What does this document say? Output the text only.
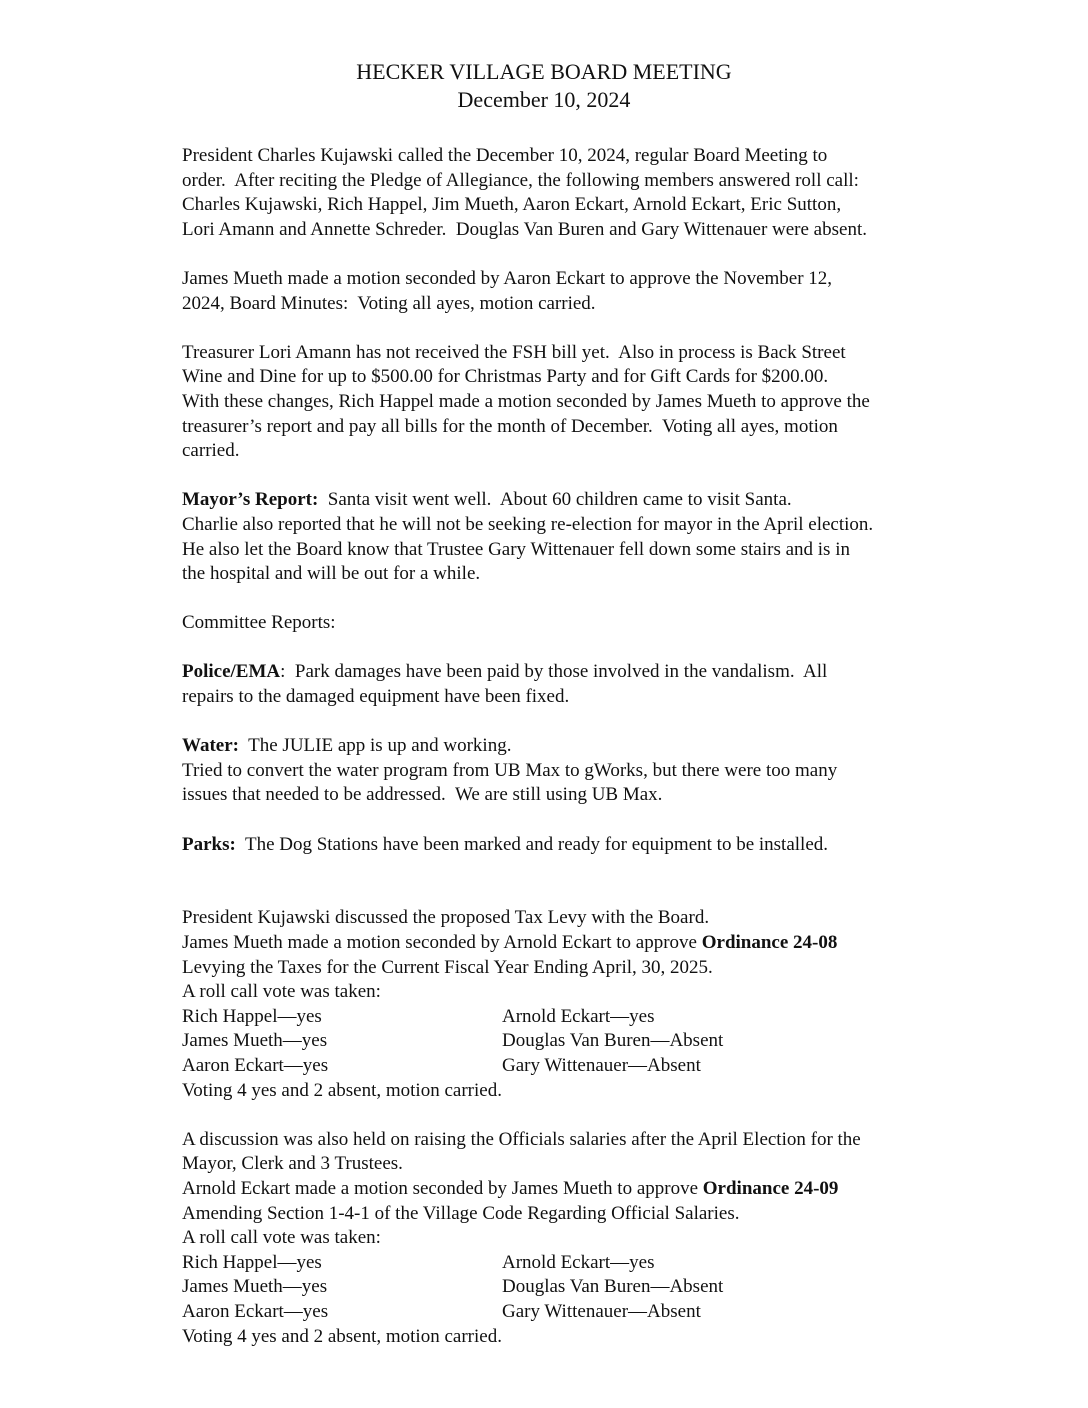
HECKER VILLAGE BOARD MEETING
December 10, 2024
President Charles Kujawski called the December 10, 2024, regular Board Meeting to
order.  After reciting the Pledge of Allegiance, the following members answered roll call:
Charles Kujawski, Rich Happel, Jim Mueth, Aaron Eckart, Arnold Eckart, Eric Sutton,
Lori Amann and Annette Schreder.  Douglas Van Buren and Gary Wittenauer were absent.
James Mueth made a motion seconded by Aaron Eckart to approve the November 12,
2024, Board Minutes:  Voting all ayes, motion carried.
Treasurer Lori Amann has not received the FSH bill yet.  Also in process is Back Street
Wine and Dine for up to $500.00 for Christmas Party and for Gift Cards for $200.00.
With these changes, Rich Happel made a motion seconded by James Mueth to approve the
treasurer’s report and pay all bills for the month of December.  Voting all ayes, motion
carried.
Mayor’s Report:  Santa visit went well.  About 60 children came to visit Santa.
Charlie also reported that he will not be seeking re-election for mayor in the April election.
He also let the Board know that Trustee Gary Wittenauer fell down some stairs and is in
the hospital and will be out for a while.
Committee Reports:
Police/EMA:  Park damages have been paid by those involved in the vandalism.  All
repairs to the damaged equipment have been fixed.
Water:  The JULIE app is up and working.
Tried to convert the water program from UB Max to gWorks, but there were too many
issues that needed to be addressed.  We are still using UB Max.
Parks:  The Dog Stations have been marked and ready for equipment to be installed.
President Kujawski discussed the proposed Tax Levy with the Board.
James Mueth made a motion seconded by Arnold Eckart to approve Ordinance 24-08
Levying the Taxes for the Current Fiscal Year Ending April, 30, 2025.
A roll call vote was taken:
Rich Happel—yes	Arnold Eckart—yes
James Mueth—yes	Douglas Van Buren—Absent
Aaron Eckart—yes	Gary Wittenauer—Absent
Voting 4 yes and 2 absent, motion carried.
A discussion was also held on raising the Officials salaries after the April Election for the
Mayor, Clerk and 3 Trustees.
Arnold Eckart made a motion seconded by James Mueth to approve Ordinance 24-09
Amending Section 1-4-1 of the Village Code Regarding Official Salaries.
A roll call vote was taken:
Rich Happel—yes	Arnold Eckart—yes
James Mueth—yes	Douglas Van Buren—Absent
Aaron Eckart—yes	Gary Wittenauer—Absent
Voting 4 yes and 2 absent, motion carried.
